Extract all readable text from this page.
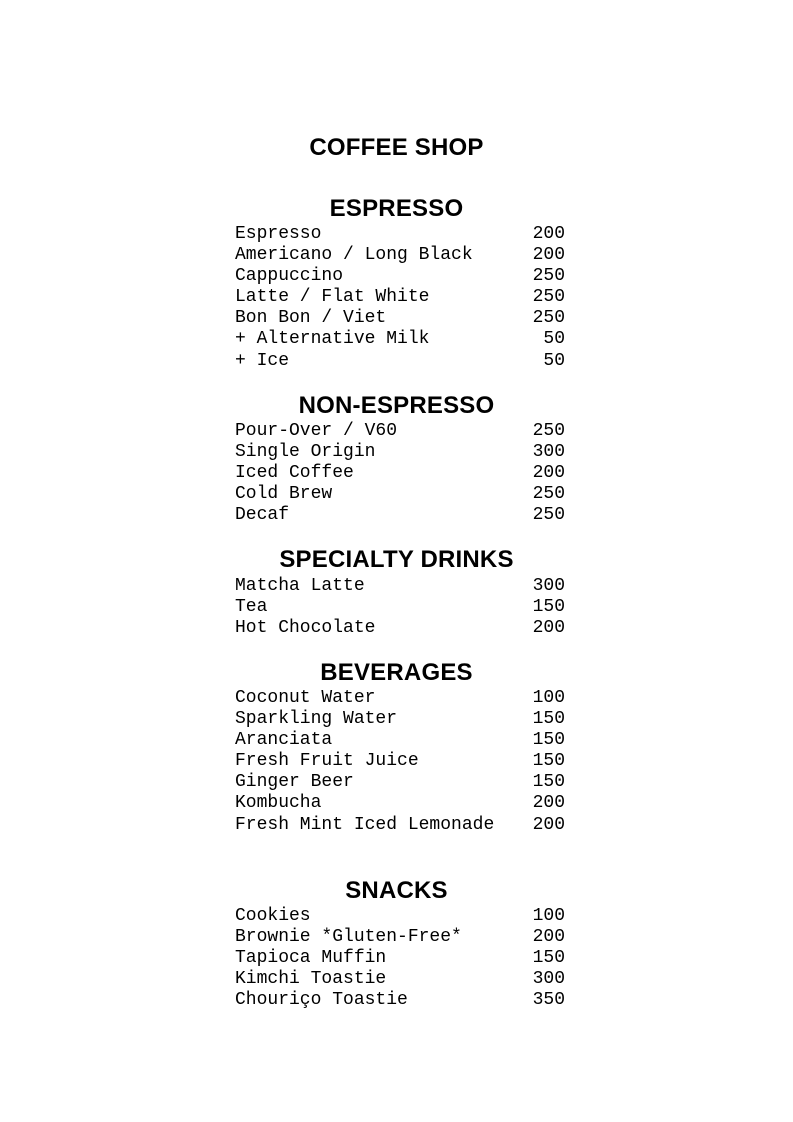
COFFEE SHOP
ESPRESSO
Espresso	200
Americano / Long Black	200
Cappuccino	250
Latte / Flat White	250
Bon Bon / Viet	250
+ Alternative Milk	50
+ Ice	50
NON-ESPRESSO
Pour-Over / V60	250
Single Origin	300
Iced Coffee	200
Cold Brew	250
Decaf	250
SPECIALTY DRINKS
Matcha Latte	300
Tea	150
Hot Chocolate	200
BEVERAGES
Coconut Water	100
Sparkling Water	150
Aranciata	150
Fresh Fruit Juice	150
Ginger Beer	150
Kombucha	200
Fresh Mint Iced Lemonade 200
SNACKS
Cookies	100
Brownie *Gluten-Free*	200
Tapioca Muffin	150
Kimchi Toastie	300
Chouriço Toastie	350
